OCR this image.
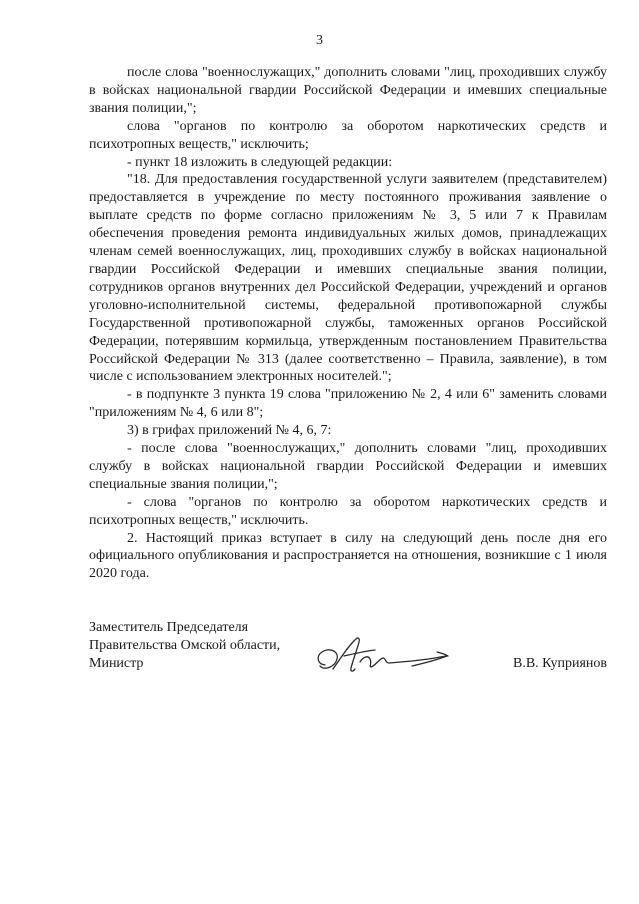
3

после слова "военнослужащих," дополнить словами "лиц, проходивших службу в войсках национальной гвардии Российской Федерации и имевших специальные звания полиции,";

слова "органов по контролю за оборотом наркотических средств и психотропных веществ," исключить;

- пункт 18 изложить в следующей редакции:

"18. Для предоставления государственной услуги заявителем (представителем) предоставляется в учреждение по месту постоянного проживания заявление о выплате средств по форме согласно приложениям № 3, 5 или 7 к Правилам обеспечения проведения ремонта индивидуальных жилых домов, принадлежащих членам семей военнослужащих, лиц, проходивших службу в войсках национальной гвардии Российской Федерации и имевших специальные звания полиции, сотрудников органов внутренних дел Российской Федерации, учреждений и органов уголовно-исполнительной системы, федеральной противопожарной службы Государственной противопожарной службы, таможенных органов Российской Федерации, потерявшим кормильца, утвержденным постановлением Правительства Российской Федерации № 313 (далее соответственно – Правила, заявление), в том числе с использованием электронных носителей.";

- в подпункте 3 пункта 19 слова "приложению № 2, 4 или 6" заменить словами "приложениям № 4, 6 или 8";

3) в грифах приложений № 4, 6, 7:

- после слова "военнослужащих," дополнить словами "лиц, проходивших службу в войсках национальной гвардии Российской Федерации и имевших специальные звания полиции,";

- слова "органов по контролю за оборотом наркотических средств и психотропных веществ," исключить.

2. Настоящий приказ вступает в силу на следующий день после дня его официального опубликования и распространяется на отношения, возникшие с 1 июля 2020 года.

Заместитель Председателя
Правительства Омской области,
Министр	В.В. Куприянов
